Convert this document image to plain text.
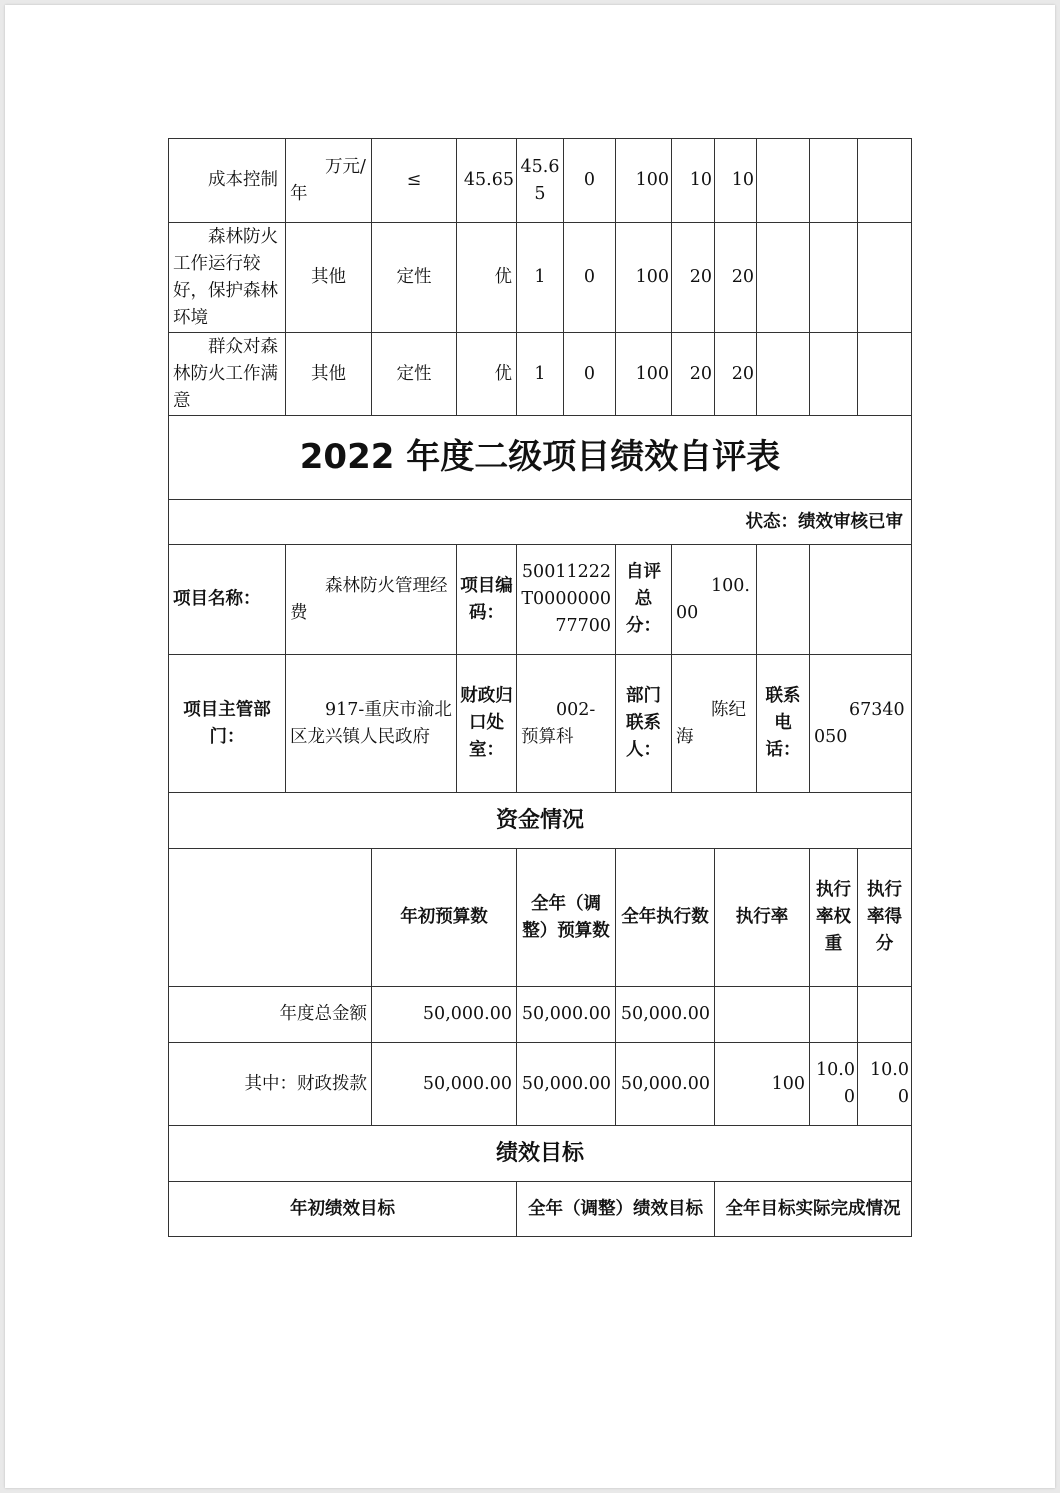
成本控制	万元/年	≤	45.65	45.65	0	100	10	10			
森林防火工作运行较好，保护森林环境	其他	定性	优	1	0	100	20	20			
群众对森林防火工作满意	其他	定性	优	1	0	100	20	20			
2022 年度二级项目绩效自评表											
状态：绩效审核已审											
项目名称：	森林防火管理经费		项目编码：	50011222T000000077700		自评总分：	100.00				
项目主管部门：	917-重庆市渝北区龙兴镇人民政府		财政归口处室：	002-预算科		部门联系人：	陈纪海		联系电话：	67340050	
资金情况											
		年初预算数		全年（调整）预算数		全年执行数		执行率		执行率权重	执行率得分
年度总金额		50,000.00		50,000.00		50,000.00					
其中：财政拨款		50,000.00		50,000.00		50,000.00		100		10.00	10.00
绩效目标											
年初绩效目标				全年（调整）绩效目标				全年目标实际完成情况			
